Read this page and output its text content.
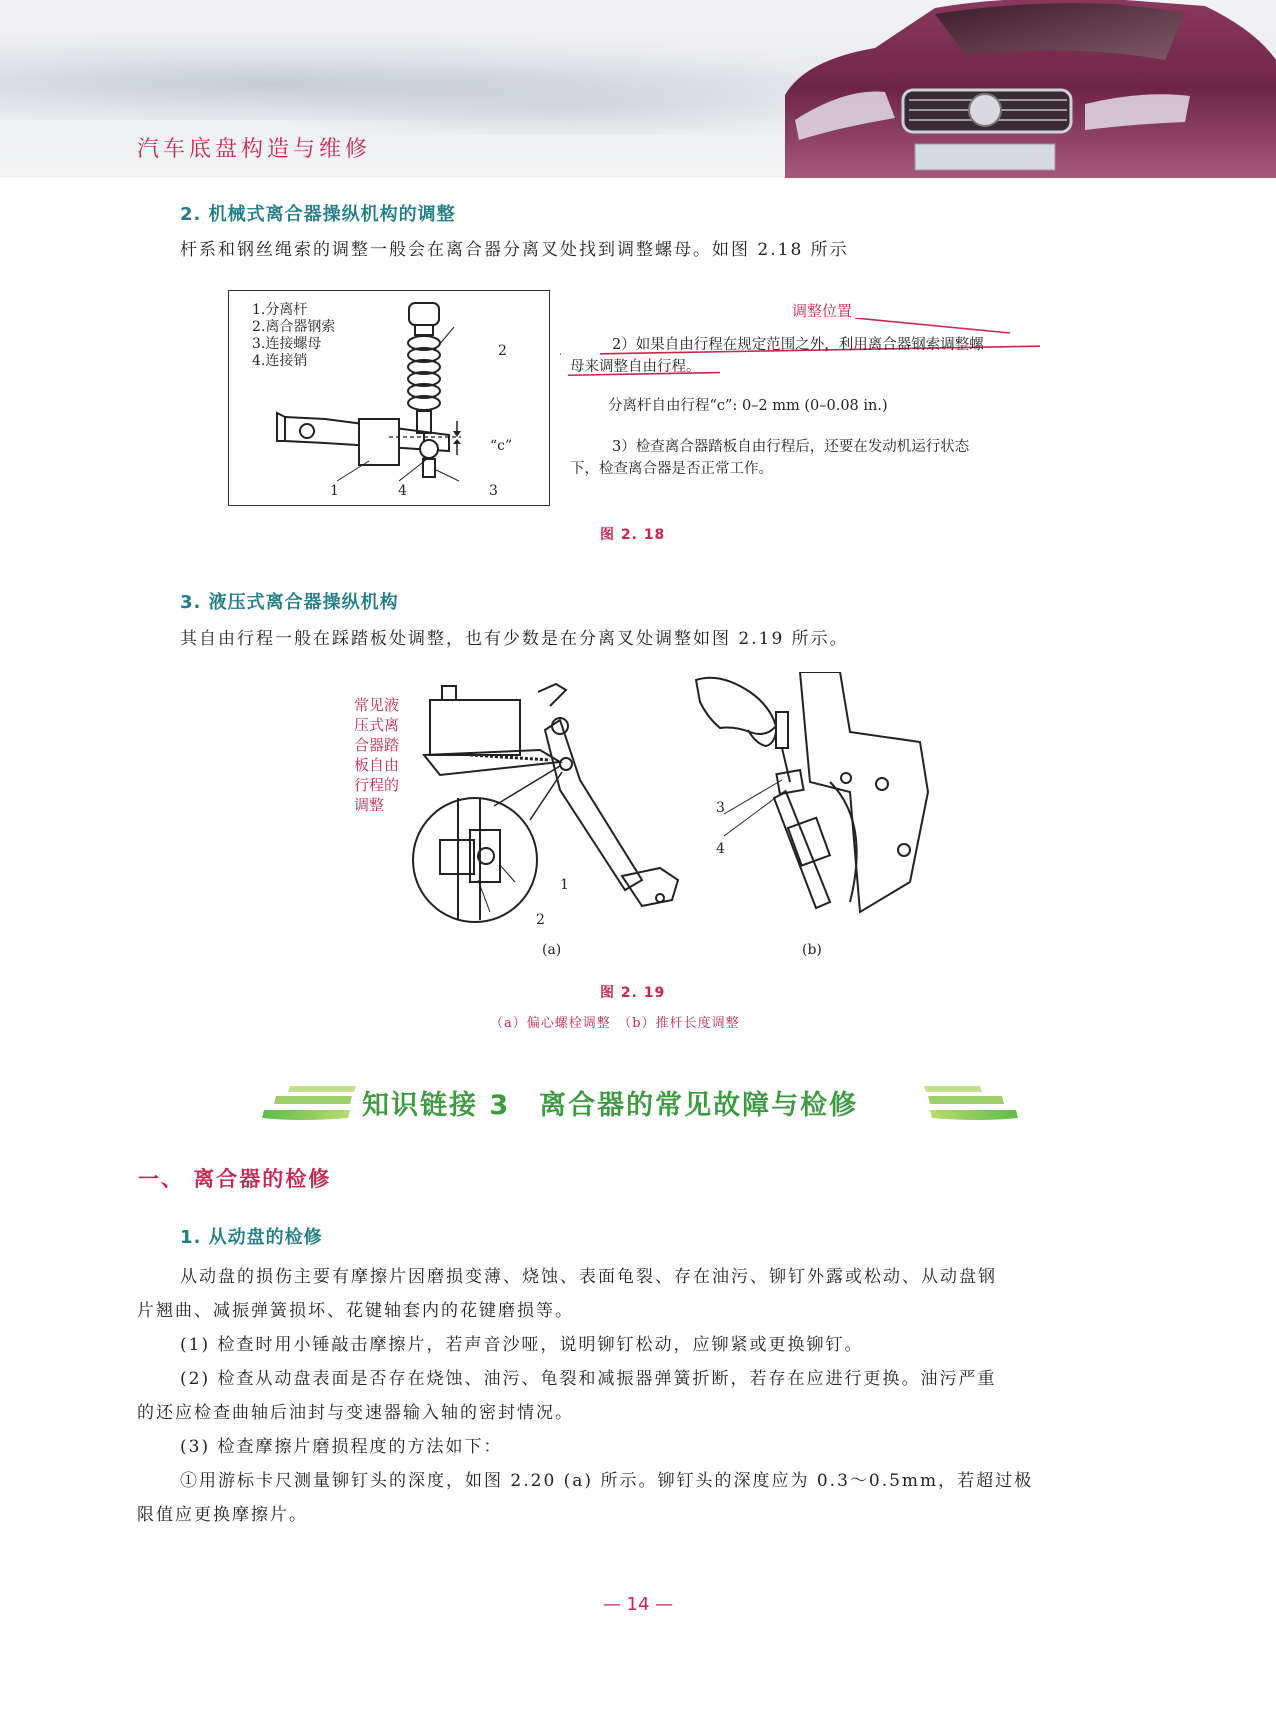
汽车底盘构造与维修
2. 机械式离合器操纵机构的调整
杆系和钢丝绳索的调整一般会在离合器分离叉处找到调整螺母。如图 2.18 所示
1.分离杆
2.离合器钢索
3.连接螺母
4.连接销
2
“c”
1	4	3
调整位置
2）如果自由行程在规定范围之外，利用离合器钢索调整螺
母来调整自由行程。
分离杆自由行程“c”: 0–2 mm (0–0.08 in.)
3）检查离合器踏板自由行程后，还要在发动机运行状态
下，检查离合器是否正常工作。
图 2. 18
3. 液压式离合器操纵机构
其自由行程一般在踩踏板处调整，也有少数是在分离叉处调整如图 2.19 所示。
常见液
压式离
合器踏
板自由
行程的
调整
1
2
(a)
3
4
(b)
图 2. 19
（a）偏心螺栓调整　（b）推杆长度调整
知识链接 3　离合器的常见故障与检修
一、 离合器的检修
1. 从动盘的检修
从动盘的损伤主要有摩擦片因磨损变薄、烧蚀、表面龟裂、存在油污、铆钉外露或松动、从动盘钢
片翘曲、减振弹簧损坏、花键轴套内的花键磨损等。
(1) 检查时用小锤敲击摩擦片，若声音沙哑，说明铆钉松动，应铆紧或更换铆钉。
(2) 检查从动盘表面是否存在烧蚀、油污、龟裂和减振器弹簧折断，若存在应进行更换。油污严重
的还应检查曲轴后油封与变速器输入轴的密封情况。
(3) 检查摩擦片磨损程度的方法如下：
①用游标卡尺测量铆钉头的深度，如图 2.20 (a) 所示。铆钉头的深度应为 0.3～0.5mm，若超过极
限值应更换摩擦片。
— 14 —
